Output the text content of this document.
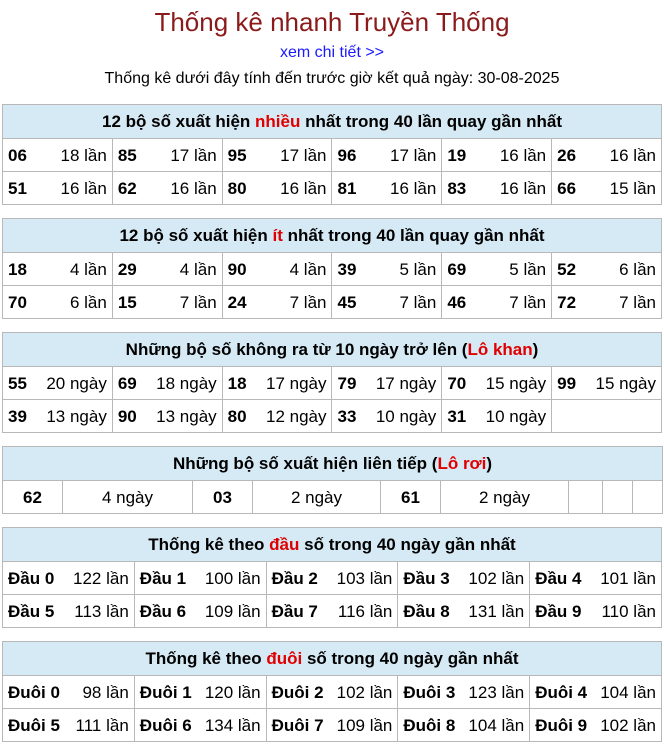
Thống kê nhanh Truyền Thống
xem chi tiết >>
Thống kê dưới đây tính đến trước giờ kết quả ngày: 30-08-2025
12 bộ số xuất hiện nhiều nhất trong 40 lần quay gần nhất					

06 18 lần	85 17 lần	95 17 lần	96 17 lần	19 16 lần	26 16 lần

51 16 lần	62 16 lần	80 16 lần	81 16 lần	83 16 lần	66 15 lần
12 bộ số xuất hiện ít nhất trong 40 lần quay gần nhất					

18 4 lần	29 4 lần	90 4 lần	39 5 lần	69 5 lần	52 6 lần

70 6 lần	15 7 lần	24 7 lần	45 7 lần	46 7 lần	72 7 lần
Những bộ số không ra từ 10 ngày trở lên (Lô khan)					

55 20 ngày	69 18 ngày	18 17 ngày	79 17 ngày	70 15 ngày	99 15 ngày

39 13 ngày	90 13 ngày	80 12 ngày	33 10 ngày	31 10 ngày	

Những bộ số xuất hiện liên tiếp (Lô rơi)
62	4 ngày	03	2 ngày	61	2 ngày			
Thống kê theo đầu số trong 40 ngày gần nhất				

Đầu 0 122 lần	Đầu 1 100 lần	Đầu 2 103 lần	Đầu 3 102 lần	Đầu 4 101 lần

Đầu 5 113 lần	Đầu 6 109 lần	Đầu 7 116 lần	Đầu 8 131 lần	Đầu 9 110 lần
Thống kê theo đuôi số trong 40 ngày gần nhất				

Đuôi 0 98 lần	Đuôi 1 120 lần	Đuôi 2 102 lần	Đuôi 3 123 lần	Đuôi 4 104 lần

Đuôi 5 111 lần	Đuôi 6 134 lần	Đuôi 7 109 lần	Đuôi 8 104 lần	Đuôi 9 102 lần
